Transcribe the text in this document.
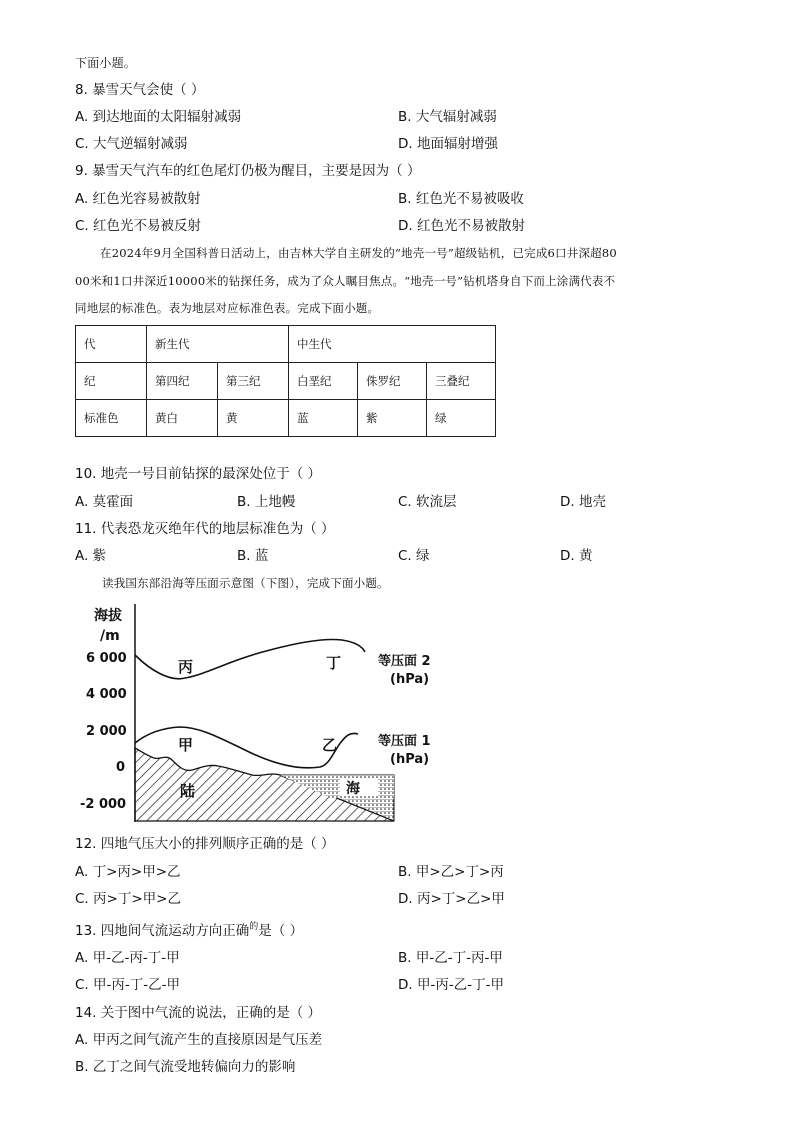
下面小题。
8. 暴雪天气会使（ ）
A. 到达地面的太阳辐射减弱	B. 大气辐射减弱
C. 大气逆辐射减弱	D. 地面辐射增强
9. 暴雪天气汽车的红色尾灯仍极为醒目，主要是因为（ ）
A. 红色光容易被散射	B. 红色光不易被吸收
C. 红色光不易被反射	D. 红色光不易被散射
在2024年9月全国科普日活动上，由吉林大学自主研发的“地壳一号”超级钻机，已完成6口井深超80
00米和1口井深近10000米的钻探任务，成为了众人瞩目焦点。“地壳一号”钻机塔身自下而上涂满代表不
同地层的标准色。表为地层对应标准色表。完成下面小题。
代	新生代		中生代		
纪	第四纪	第三纪	白垩纪	侏罗纪	三叠纪
标准色	黄白	黄	蓝	紫	绿
10. 地壳一号目前钻探的最深处位于（ ）
A. 莫霍面	B. 上地幔	C. 软流层	D. 地壳
11. 代表恐龙灭绝年代的地层标准色为（ ）
A. 紫	B. 蓝	C. 绿	D. 黄
读我国东部沿海等压面示意图（下图），完成下面小题。
海拔
/m
6 000
4 000
2 000
0
-2 000
丙	丁
甲	乙
陆	海
等压面 2
(hPa)
等压面 1
(hPa)
12. 四地气压大小的排列顺序正确的是（ ）
A. 丁>丙>甲>乙	B. 甲>乙>丁>丙
C. 丙>丁>甲>乙	D. 丙>丁>乙>甲
13. 四地间气流运动方向正确$^的$是（ ）
A. 甲-乙-丙-丁-甲	B. 甲-乙-丁-丙-甲
C. 甲-丙-丁-乙-甲	D. 甲-丙-乙-丁-甲
14. 关于图中气流的说法，正确的是（ ）
A. 甲丙之间气流产生的直接原因是气压差
B. 乙丁之间气流受地转偏向力的影响
